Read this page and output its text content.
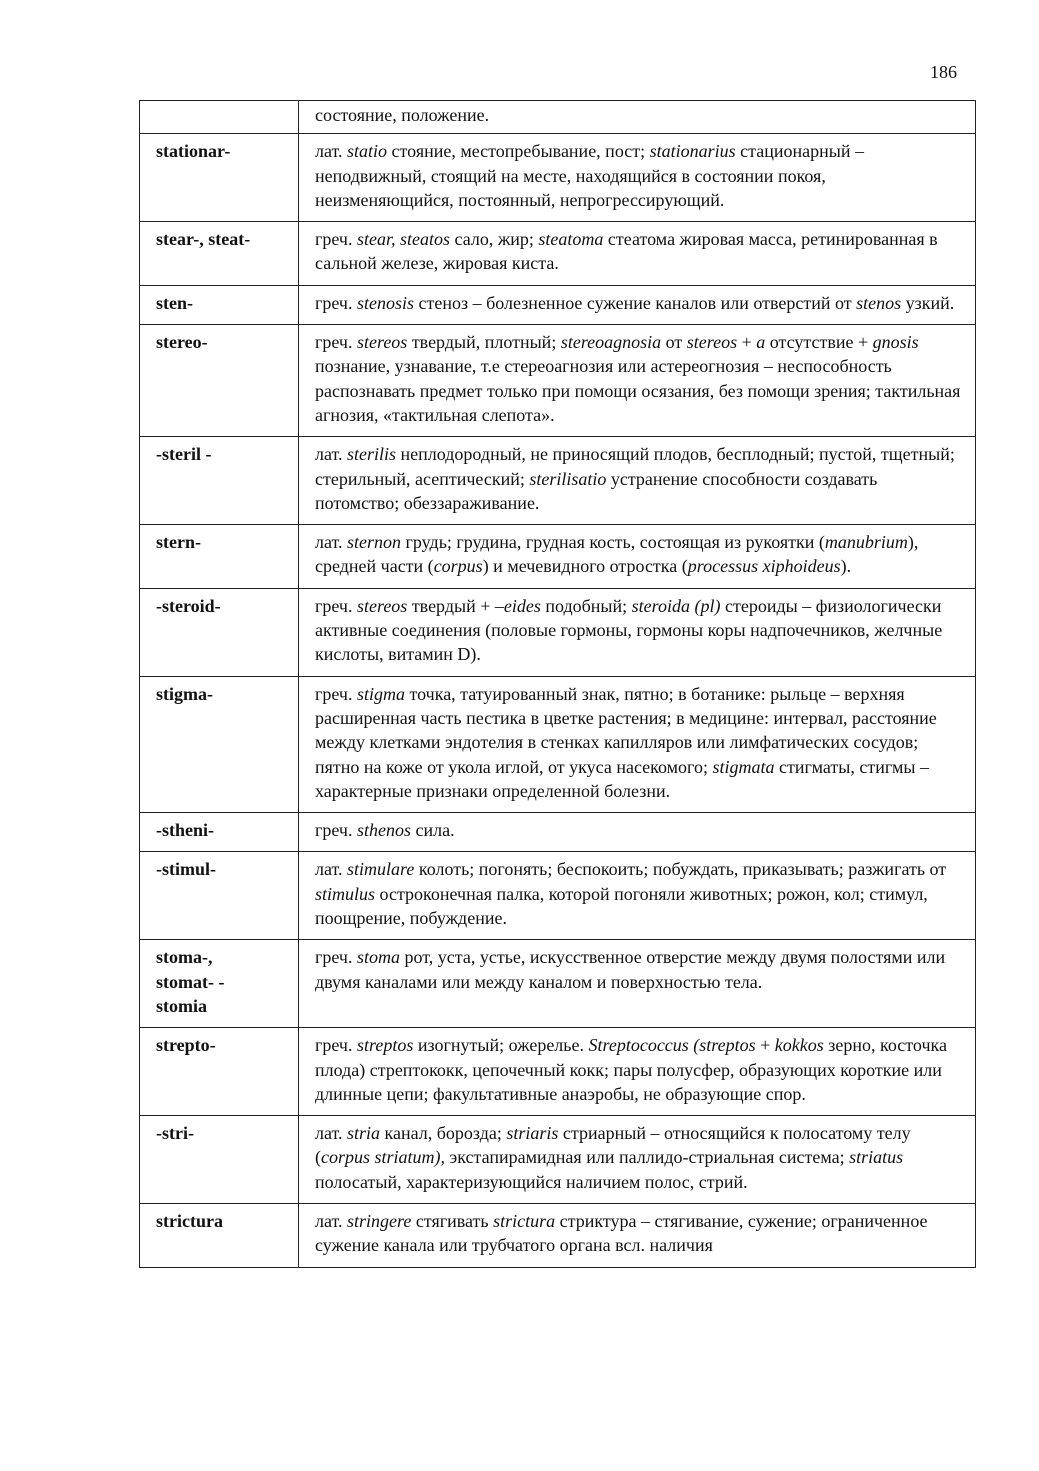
186
	состояние, положение.

stationar-	лат. statio стояние, местопребывание, пост; stationarius стационарный – неподвижный, стоящий на месте, находящийся в состоянии покоя, неизменяющийся, постоянный, непрогрессирующий.

stear-, steat-	греч. stear, steatos сало, жир; steatoma стеатома жировая масса, ретинированная в сальной железе, жировая киста.

sten-	греч. stenosis стеноз – болезненное сужение каналов или отверстий от stenos узкий.

stereo-	греч. stereos твердый, плотный; stereoagnosia от stereos + a отсутствие + gnosis познание, узнавание, т.е стереоагнозия или астереогнозия – неспособность распознавать предмет только при помощи осязания, без помощи зрения; тактильная агнозия, «тактильная слепота».

-steril -	лат. sterilis неплодородный, не приносящий плодов, бесплодный; пустой, тщетный; стерильный, асептический; sterilisatio устранение способности создавать потомство; обеззараживание.

stern-	лат. sternon грудь; грудина, грудная кость, состоящая из рукоятки (manubrium), средней части (corpus) и мечевидного отростка (processus xiphoideus).

-steroid-	греч. stereos твердый + –eides подобный; steroida (pl) стероиды – физиологически активные соединения (половые гормоны, гормоны коры надпочечников, желчные кислоты, витамин D).

stigma-	греч. stigma точка, татуированный знак, пятно; в ботанике: рыльце – верхняя расширенная часть пестика в цветке растения; в медицине: интервал, расстояние между клетками эндотелия в стенках капилляров или лимфатических сосудов; пятно на коже от укола иглой, от укуса насекомого; stigmata стигматы, стигмы – характерные признаки определенной болезни.

-stheni-	греч. sthenos сила.

-stimul-	лат. stimulare колоть; погонять; беспокоить; побуждать, приказывать; разжигать от stimulus остроконечная палка, которой погоняли животных; рожон, кол; стимул, поощрение, побуждение.

stoma-,
stomat- -
stomia	греч. stoma рот, уста, устье, искусственное отверстие между двумя полостями или двумя каналами или между каналом и поверхностью тела.

strepto-	греч. streptos изогнутый; ожерелье. Streptococcus (streptos + kokkos зерно, косточка плода) стрептококк, цепочечный кокк; пары полусфер, образующих короткие или длинные цепи; факультативные анаэробы, не образующие спор.

-stri-	лат. stria канал, борозда; striaris стриарный – относящийся к полосатому телу (corpus striatum), экстапирамидная или паллидо-стриальная система; striatus полосатый, характеризующийся наличием полос, стрий.

strictura	лат. stringere стягивать strictura стриктура – стягивание, сужение; ограниченное сужение канала или трубчатого органа всл. наличия
